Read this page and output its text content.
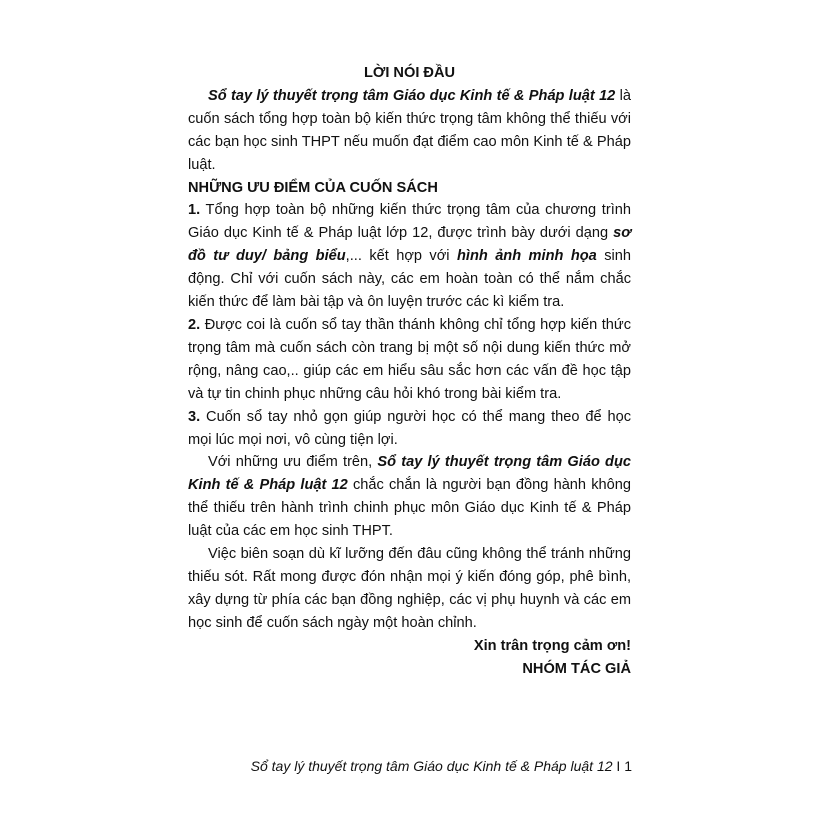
LỜI NÓI ĐẦU

Sổ tay lý thuyết trọng tâm Giáo dục Kinh tế & Pháp luật 12 là cuốn sách tổng hợp toàn bộ kiến thức trọng tâm không thể thiếu với các bạn học sinh THPT nếu muốn đạt điểm cao môn Kinh tế & Pháp luật.

NHỮNG ƯU ĐIỂM CỦA CUỐN SÁCH

1. Tổng hợp toàn bộ những kiến thức trọng tâm của chương trình Giáo dục Kinh tế & Pháp luật lớp 12, được trình bày dưới dạng sơ đồ tư duy/ bảng biểu,... kết hợp với hình ảnh minh họa sinh động. Chỉ với cuốn sách này, các em hoàn toàn có thể nắm chắc kiến thức để làm bài tập và ôn luyện trước các kì kiểm tra.

2. Được coi là cuốn sổ tay thần thánh không chỉ tổng hợp kiến thức trọng tâm mà cuốn sách còn trang bị một số nội dung kiến thức mở rộng, nâng cao,.. giúp các em hiểu sâu sắc hơn các vấn đề học tập và tự tin chinh phục những câu hỏi khó trong bài kiểm tra.

3. Cuốn sổ tay nhỏ gọn giúp người học có thể mang theo để học mọi lúc mọi nơi, vô cùng tiện lợi.

Với những ưu điểm trên, Sổ tay lý thuyết trọng tâm Giáo dục Kinh tế & Pháp luật 12 chắc chắn là người bạn đồng hành không thể thiếu trên hành trình chinh phục môn Giáo dục Kinh tế & Pháp luật của các em học sinh THPT.

Việc biên soạn dù kĩ lưỡng đến đâu cũng không thể tránh những thiếu sót. Rất mong được đón nhận mọi ý kiến đóng góp, phê bình, xây dựng từ phía các bạn đồng nghiệp, các vị phụ huynh và các em học sinh để cuốn sách ngày một hoàn chỉnh.

Xin trân trọng cảm ơn!
NHÓM TÁC GIẢ
Sổ tay lý thuyết trọng tâm Giáo dục Kinh tế & Pháp luật 12 I 1
